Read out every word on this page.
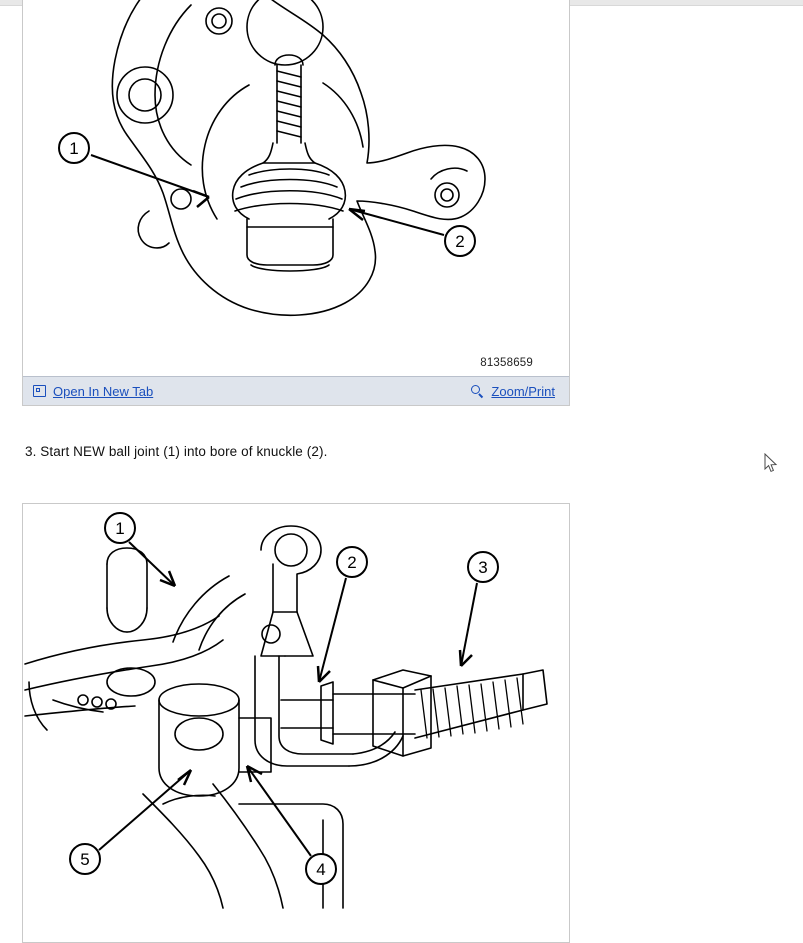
1
2
81358659
Open In New Tab	Zoom/Print
3. Start NEW ball joint (1) into bore of knuckle (2).
1
2	3
4
5
